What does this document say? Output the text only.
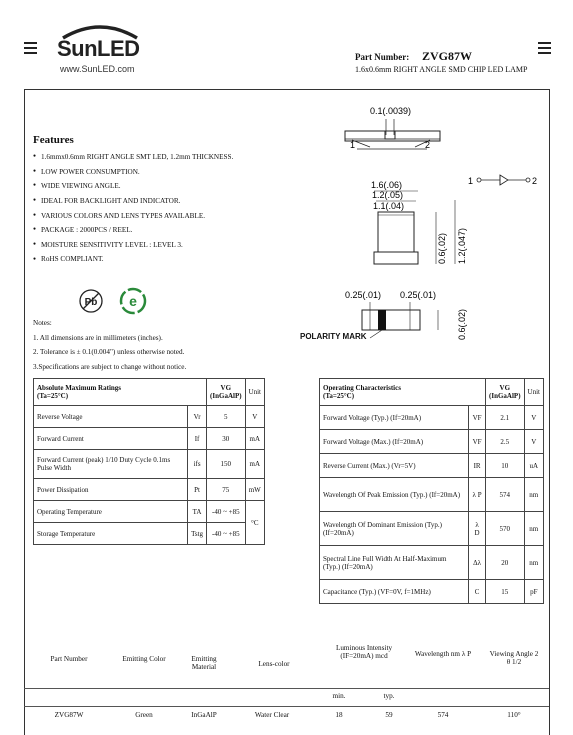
SunLED
www.SunLED.com
Part Number: ZVG87W
1.6x0.6mm RIGHT ANGLE SMD CHIP LED LAMP
Features
● 1.6mmx0.6mm RIGHT ANGLE SMT LED, 1.2mm THICKNESS.
● LOW POWER CONSUMPTION.
● WIDE VIEWING ANGLE.
● IDEAL FOR BACKLIGHT AND INDICATOR.
● VARIOUS COLORS AND LENS TYPES AVAILABLE.
● PACKAGE : 2000PCS / REEL.
● MOISTURE SENSITIVITY LEVEL : LEVEL 3.
● RoHS COMPLIANT.
Pb e
Notes:
1. All dimensions are in millimeters (inches).
2. Tolerance is ± 0.1(0.004") unless otherwise noted.
3.Specifications are subject to change without notice.
0.1(.0039)
1	2
1	2
1.6(.06)
1.2(.05)
1.1(.04)
0.6(.02) 1.2(.047)
0.25(.01) 0.25(.01)
0.6(.02)
POLARITY MARK
Absolute Maximum Ratings
(Ta=25°C)		VG
(InGaAlP)	Unit
Reverse Voltage	Vr	5	V
Forward Current	If	30	mA
Forward Current (peak) 1/10 Duty Cycle 0.1ms Pulse Width	ifs	150	mA
Power Dissipation	Pt	75	mW
Operating Temperature	TA	-40 ~ +85	°C
Storage Temperature	Tstg	-40 ~ +85	
Operating Characteristics
(Ta=25°C)		VG
(InGaAlP)	Unit
Forward Voltage (Typ.) (If=20mA)	VF	2.1	V
Forward Voltage (Max.) (If=20mA)	VF	2.5	V
Reverse Current (Max.) (Vr=5V)	IR	10	uA
Wavelength Of Peak Emission (Typ.) (If=20mA)	λ P	574	nm
Wavelength Of Dominant Emission (Typ.) (If=20mA)	λ D	570	nm
Spectral Line Full Width At Half-Maximum (Typ.) (If=20mA)	Δλ	20	nm
Capacitance (Typ.) (VF=0V, f=1MHz)	C	15	pF
Part Number	Emitting Color	Emitting Material	Lens-color
Luminous Intensity (IF=20mA) mcd	Wavelength nm λ P	Viewing Angle 2 θ 1/2
min.	typ.
ZVG87W	Green	InGaAlP	Water Clear	18	59	574	110°
